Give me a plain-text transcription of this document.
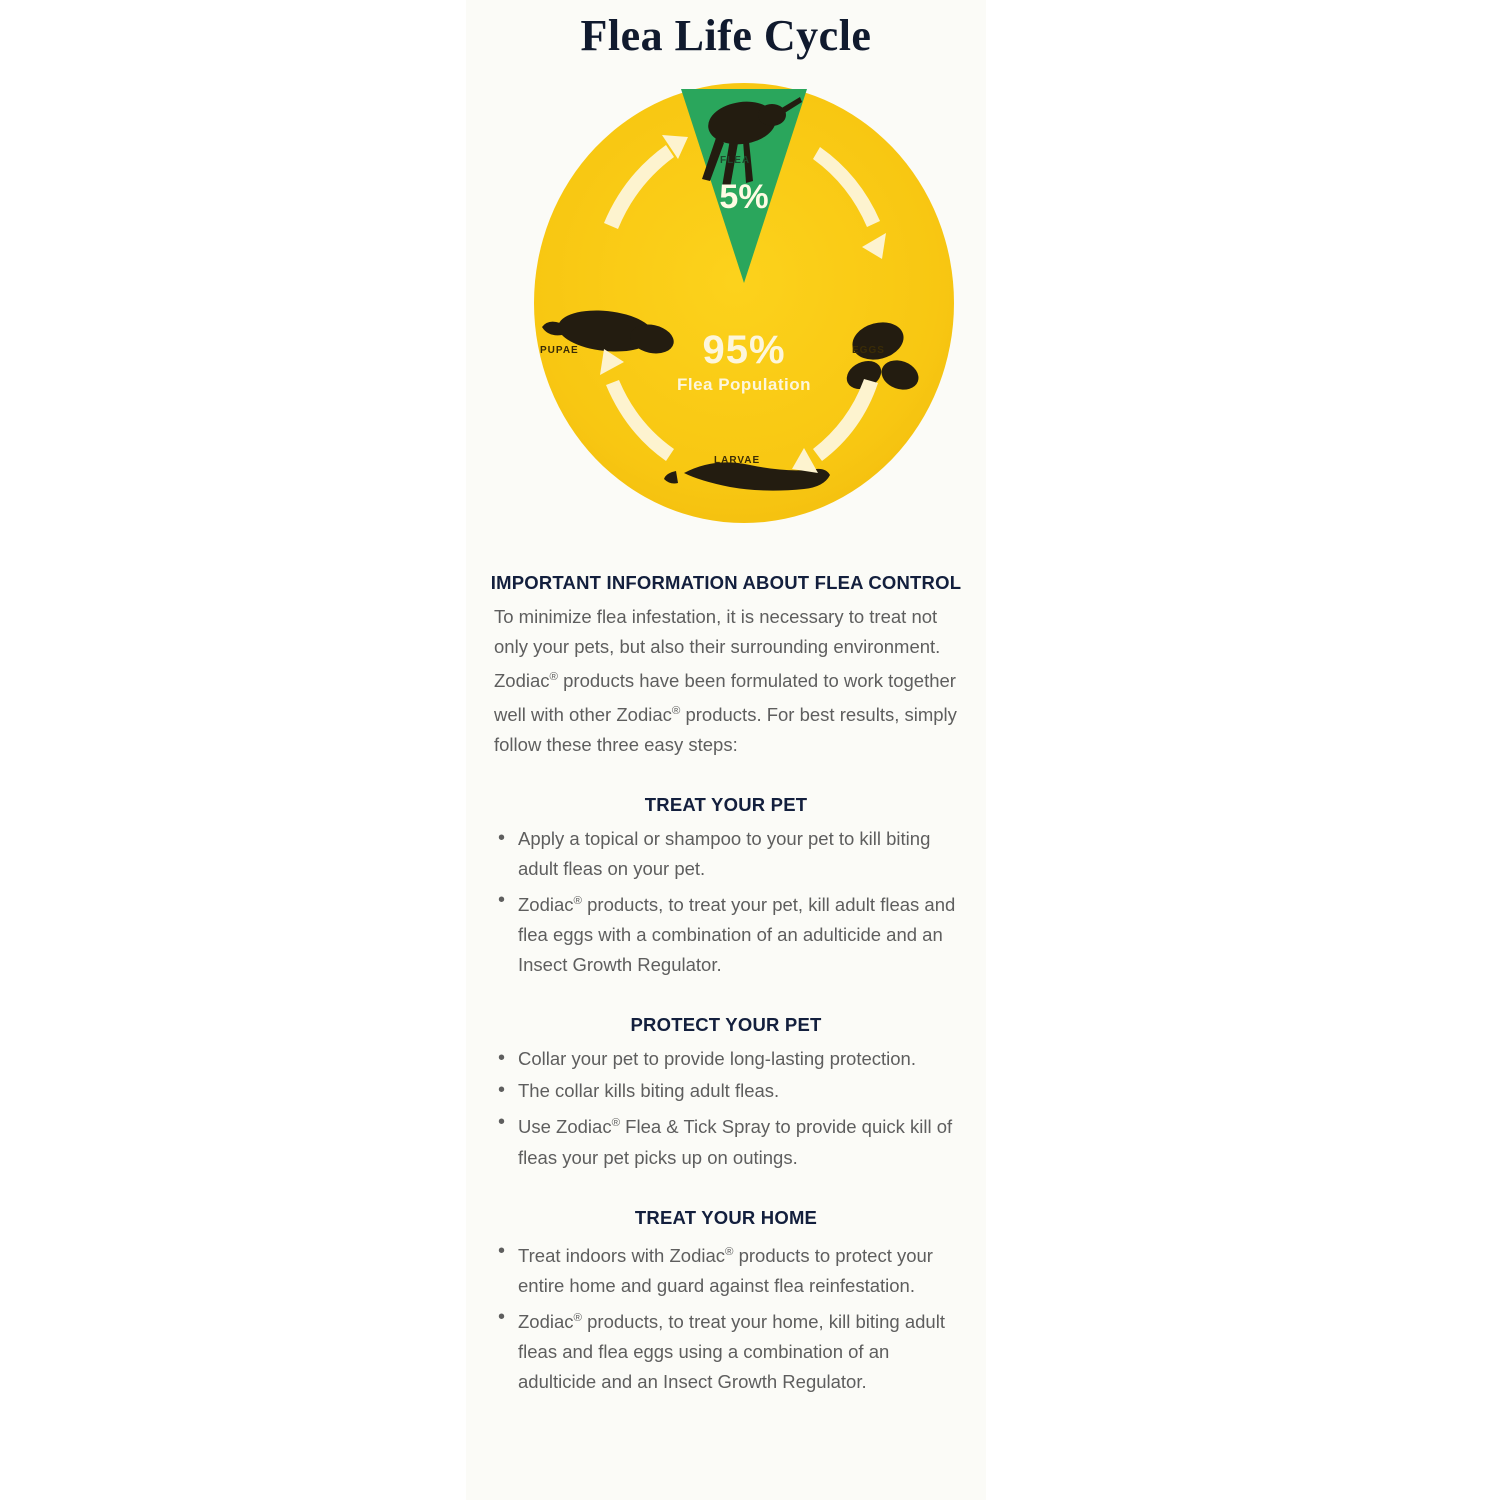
Flea Life Cycle
5%
95%
Flea Population
FLEA
EGGS
LARVAE
PUPAE
IMPORTANT INFORMATION ABOUT FLEA CONTROL

To minimize flea infestation, it is necessary to treat not only your pets, but also their surrounding environment. Zodiac® products have been formulated to work together well with other Zodiac® products. For best results, simply follow these three easy steps:

TREAT YOUR PET
• Apply a topical or shampoo to your pet to kill biting adult fleas on your pet.
• Zodiac® products, to treat your pet, kill adult fleas and flea eggs with a combination of an adulticide and an Insect Growth Regulator.
PROTECT YOUR PET
• Collar your pet to provide long-lasting protection.
• The collar kills biting adult fleas.
• Use Zodiac® Flea & Tick Spray to provide quick kill of fleas your pet picks up on outings.
TREAT YOUR HOME
• Treat indoors with Zodiac® products to protect your entire home and guard against flea reinfestation.
• Zodiac® products, to treat your home, kill biting adult fleas and flea eggs using a combination of an adulticide and an Insect Growth Regulator.
